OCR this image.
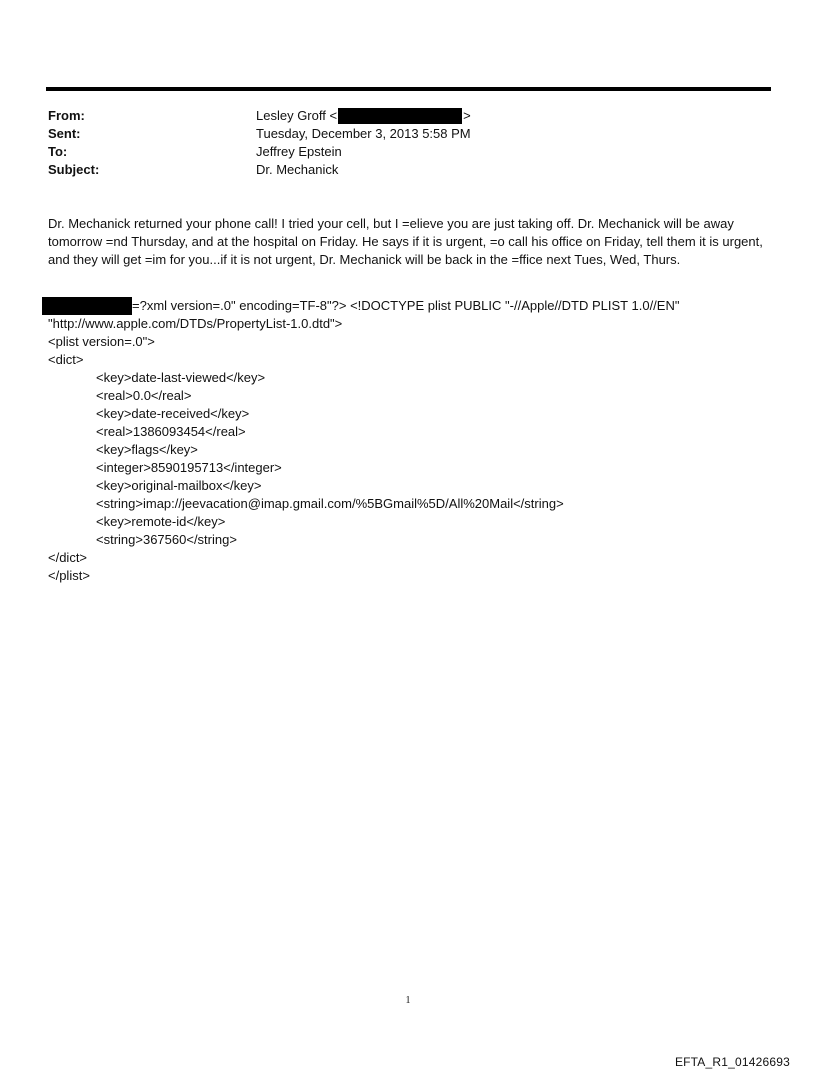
From:	Lesley Groff <	>
Sent:	Tuesday, December 3, 2013 5:58 PM
To:	Jeffrey Epstein
Subject:	Dr. Mechanick
Dr. Mechanick returned your phone call! I tried your cell, but I =elieve you are just taking off. Dr. Mechanick will be away tomorrow =nd Thursday, and at the hospital on Friday. He says if it is urgent, =o call his office on Friday, tell them it is urgent, and they will get =im for you...if it is not urgent, Dr. Mechanick will be back in the =ffice next Tues, Wed, Thurs.
=?xml version=.0" encoding=TF-8"?> <!DOCTYPE plist PUBLIC "-//Apple//DTD PLIST 1.0//EN"
"http://www.apple.com/DTDs/PropertyList-1.0.dtd">
<plist version=.0">
<dict>
<key>date-last-viewed</key>
<real>0.0</real>
<key>date-received</key>
<real>1386093454</real>
<key>flags</key>
<integer>8590195713</integer>
<key>original-mailbox</key>
<string>imap://jeevacation@imap.gmail.com/%5BGmail%5D/All%20Mail</string>
<key>remote-id</key>
<string>367560</string>
</dict>
</plist>
1
EFTA_R1_01426693
